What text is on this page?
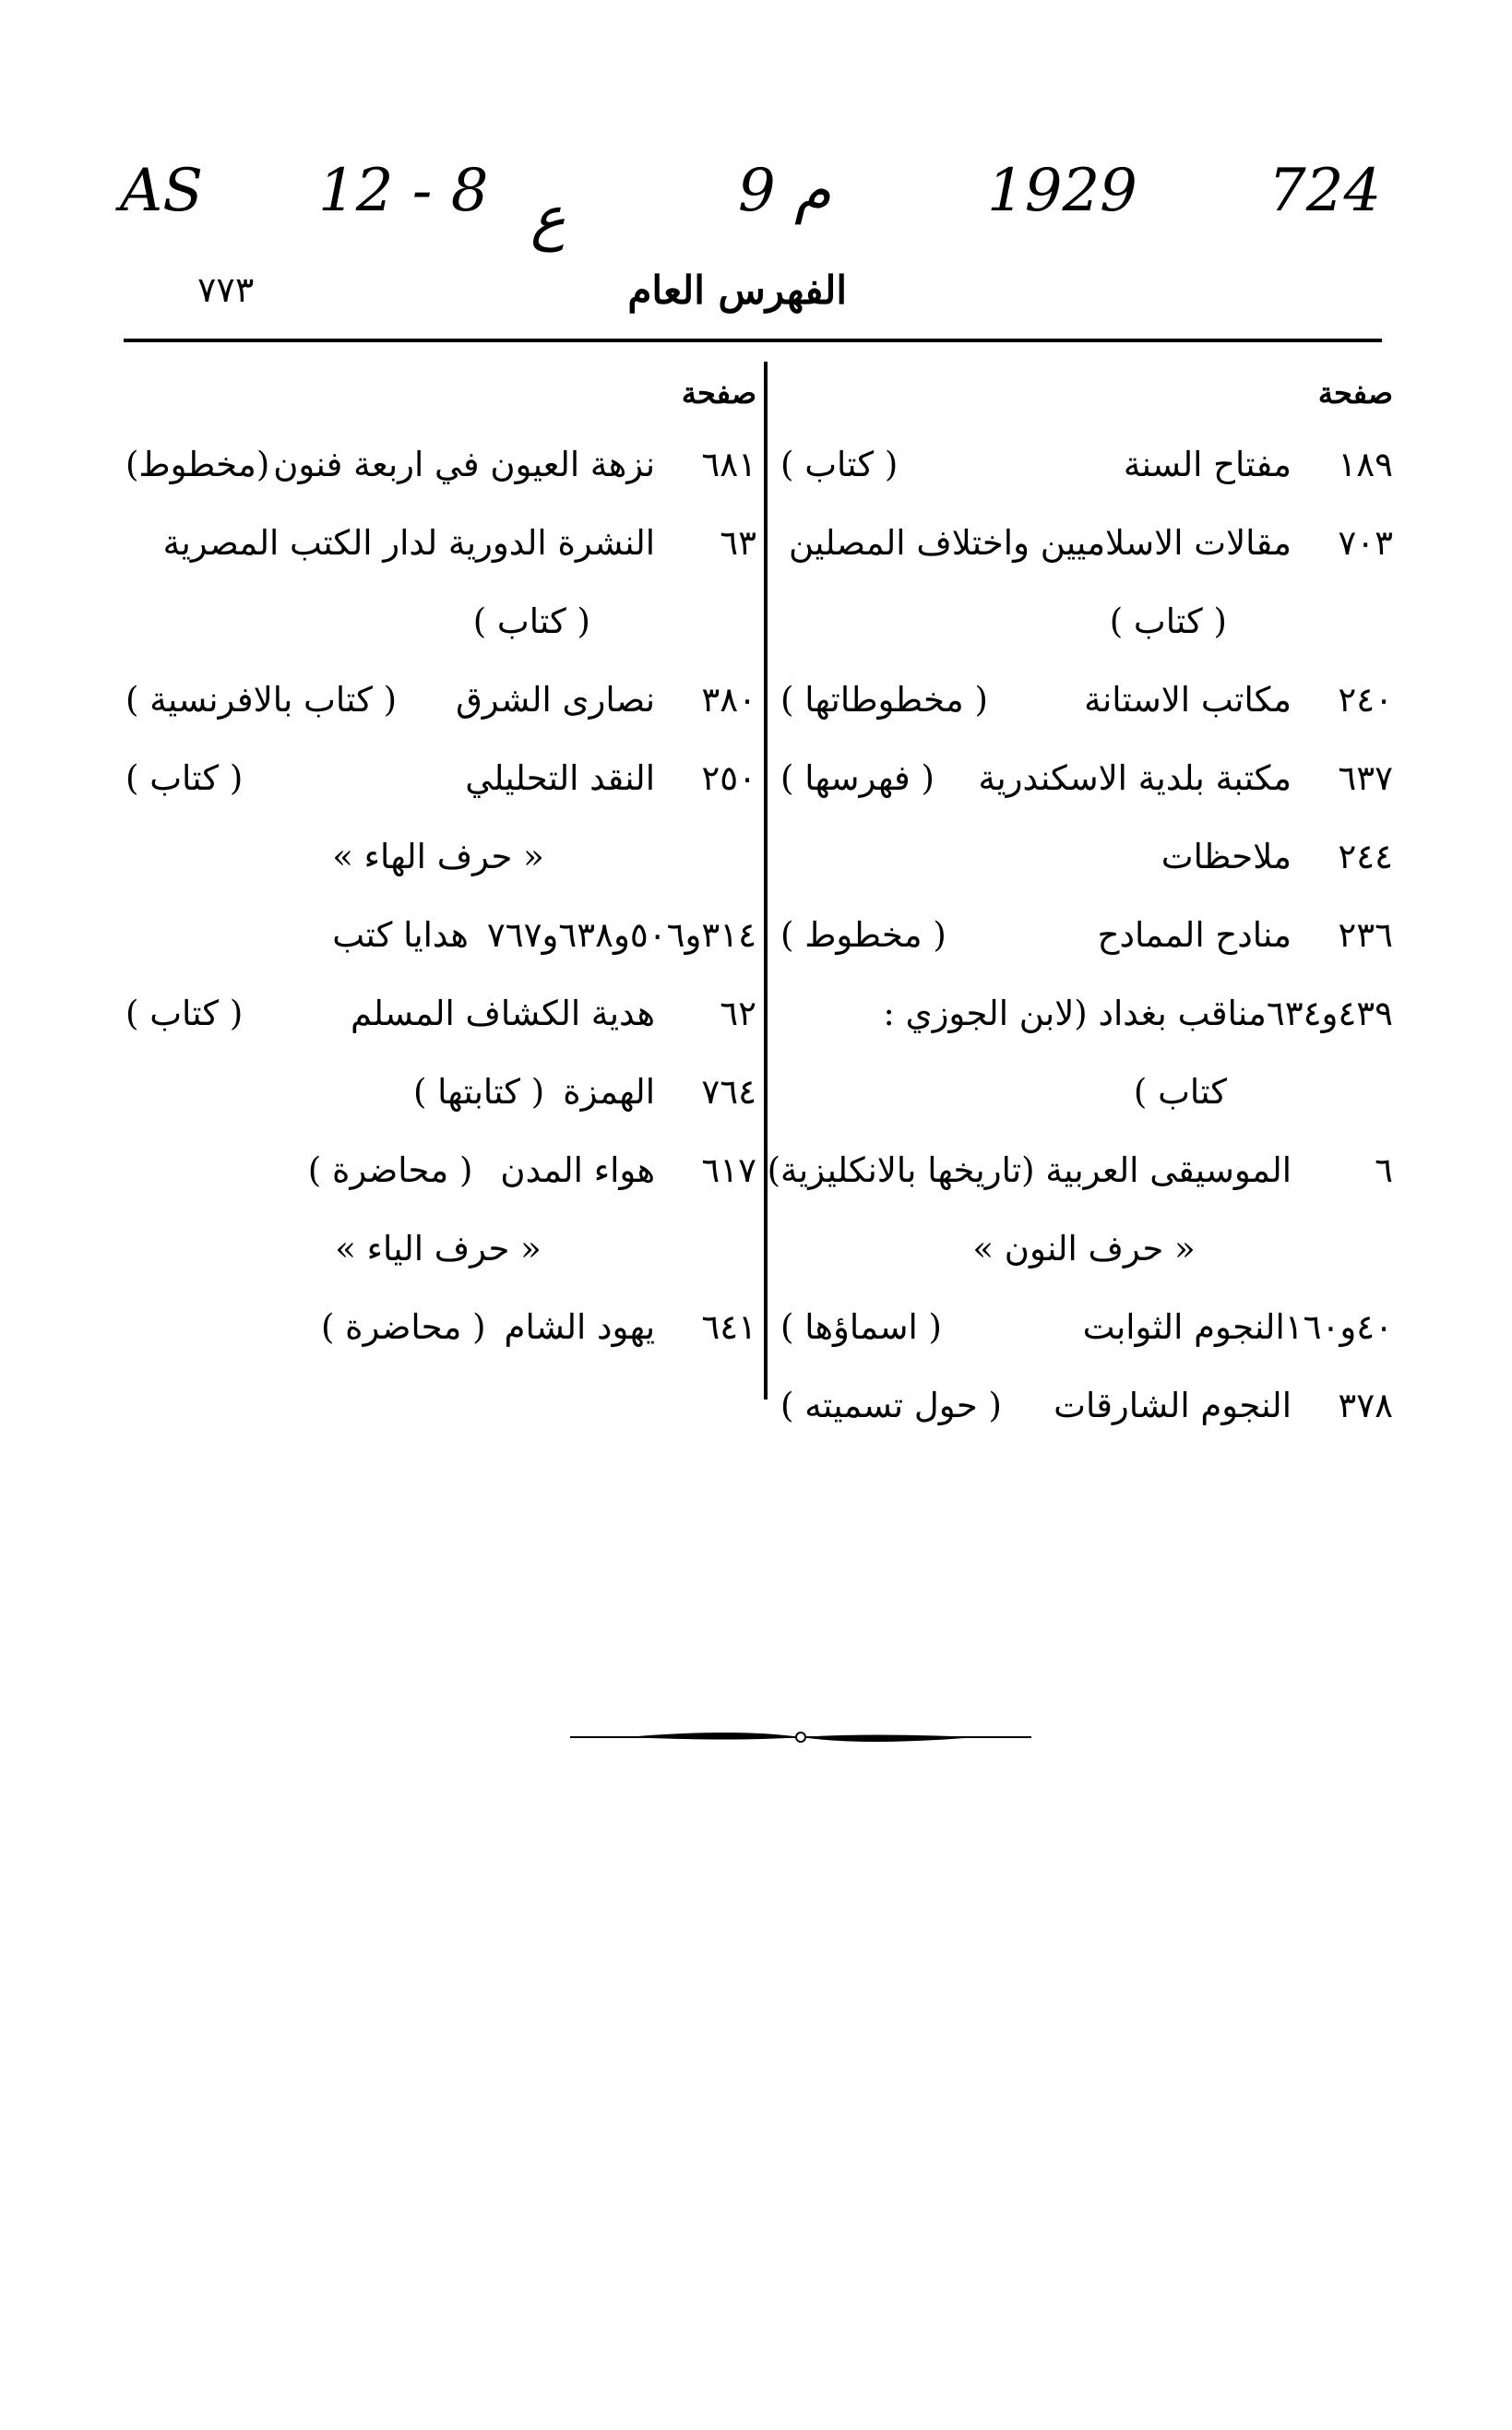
AS 12 - 8 ع	9 م	1929 724
الفهرس العام
٧٧٣
صفحة
١٨٩
مفتاح السنة
( كتاب )
٧٠٣
مقالات الاسلاميين واختلاف المصلين
( كتاب )
٢٤٠
مكاتب الاستانة
( مخطوطاتها )
٦٣٧
مكتبة بلدية الاسكندرية
( فهرسها )
٢٤٤
ملاحظات
٢٣٦
منادح الممادح
( مخطوط )
٤٣٩و٦٣٤
مناقب بغداد (لابن الجوزي :
كتاب )
٦
الموسيقى العربية (تاريخها بالانكليزية)
« حرف النون »
٤٠و١٦٠
النجوم الثوابت
( اسماؤها )
٣٧٨
النجوم الشارقات
( حول تسميته )
صفحة
٦٨١
نزهة العيون في اربعة فنون
(مخطوط)
٦٣
النشرة الدورية لدار الكتب المصرية
( كتاب )
٣٨٠
نصارى الشرق
( كتاب بالافرنسية )
٢٥٠
النقد التحليلي
( كتاب )
« حرف الهاء »
٣١٤و٥٠٦و٦٣٨و٧٦٧
هدايا كتب
٦٢
هدية الكشاف المسلم
( كتاب )
٧٦٤
الهمزة
( كتابتها )
٦١٧
هواء المدن
( محاضرة )
« حرف الياء »
٦٤١
يهود الشام
( محاضرة )
